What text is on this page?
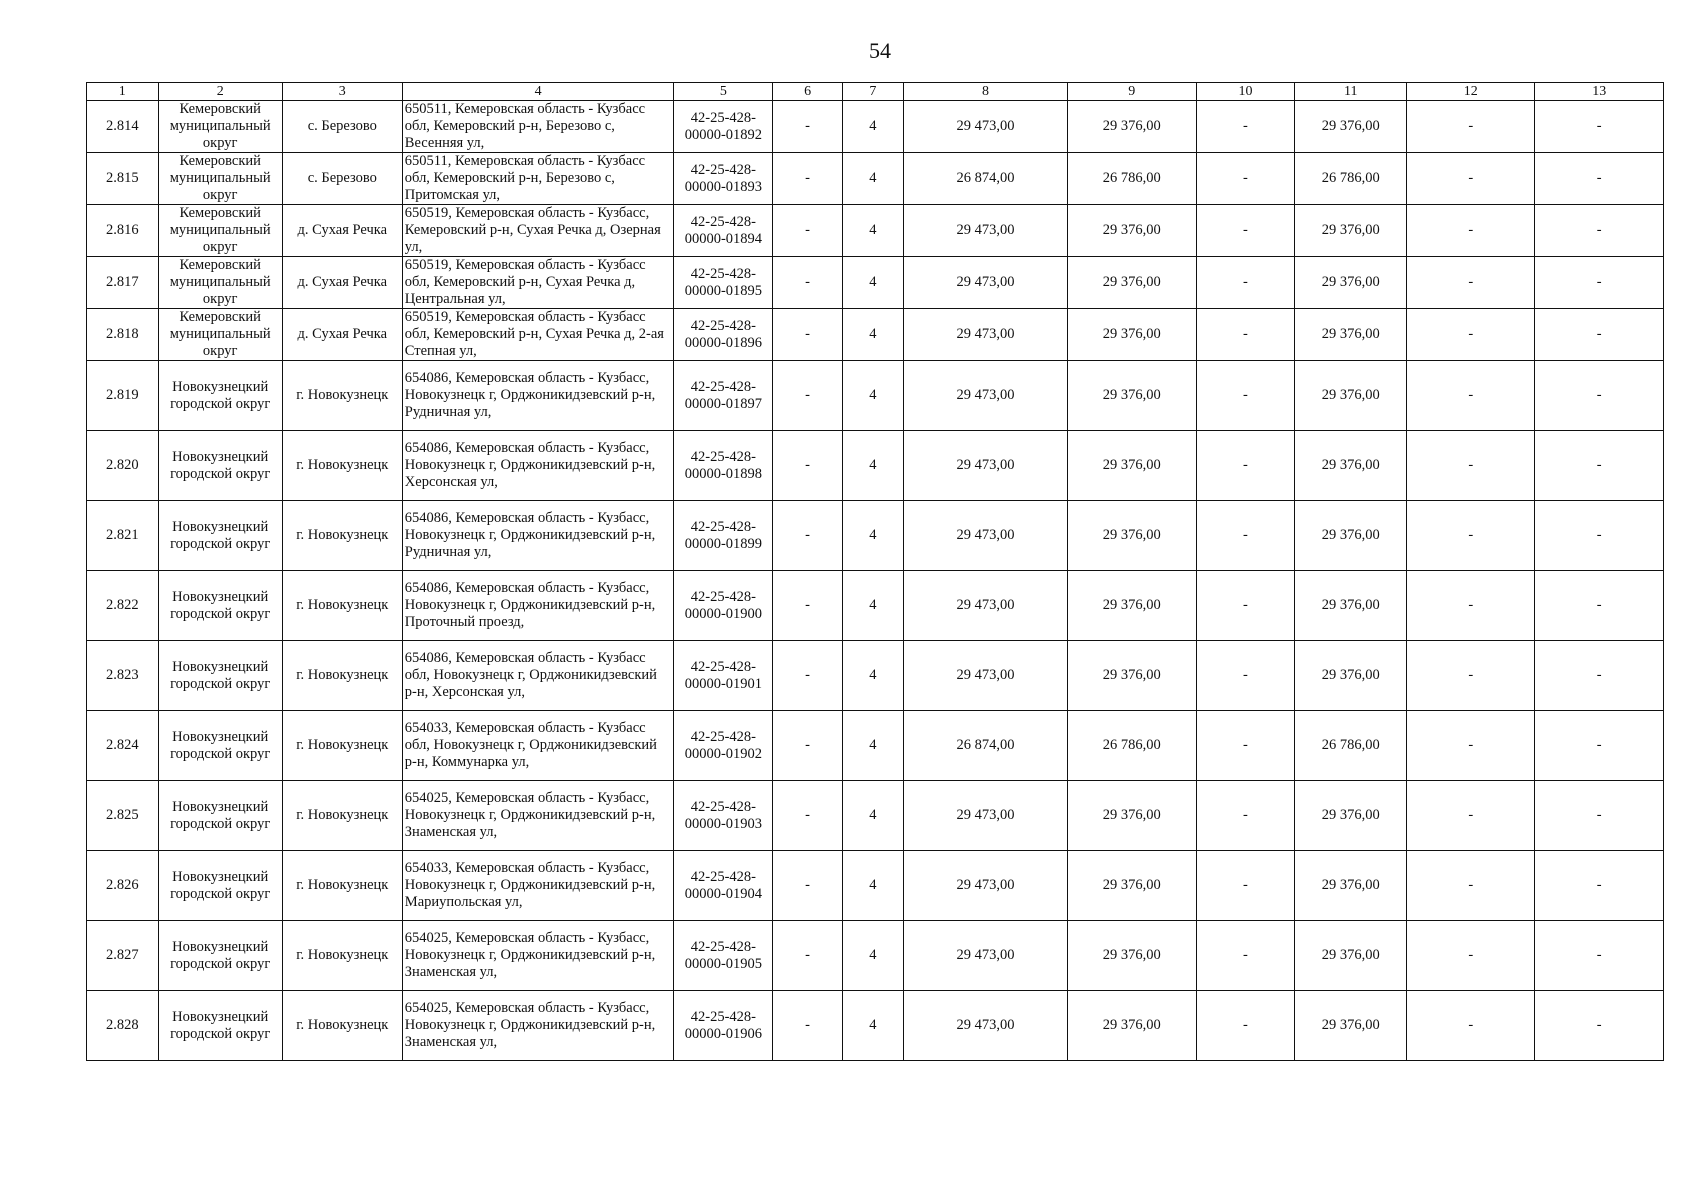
54
1	2	3	4	5	6	7	8	9	10	11	12	13
2.814	Кемеровский муниципальный округ	с. Березово	650511, Кемеровская область - Кузбасс обл, Кемеровский р-н, Березово с, Весенняя ул,	42-25-428-00000-01892	-	4	29 473,00	29 376,00	-	29 376,00	-	-
2.815	Кемеровский муниципальный округ	с. Березово	650511, Кемеровская область - Кузбасс обл, Кемеровский р-н, Березово с, Притомская ул,	42-25-428-00000-01893	-	4	26 874,00	26 786,00	-	26 786,00	-	-
2.816	Кемеровский муниципальный округ	д. Сухая Речка	650519, Кемеровская область - Кузбасс, Кемеровский р-н, Сухая Речка д, Озерная ул,	42-25-428-00000-01894	-	4	29 473,00	29 376,00	-	29 376,00	-	-
2.817	Кемеровский муниципальный округ	д. Сухая Речка	650519, Кемеровская область - Кузбасс обл, Кемеровский р-н, Сухая Речка д, Центральная ул,	42-25-428-00000-01895	-	4	29 473,00	29 376,00	-	29 376,00	-	-
2.818	Кемеровский муниципальный округ	д. Сухая Речка	650519, Кемеровская область - Кузбасс обл, Кемеровский р-н, Сухая Речка д, 2-ая Степная ул,	42-25-428-00000-01896	-	4	29 473,00	29 376,00	-	29 376,00	-	-
2.819	Новокузнецкий городской округ	г. Новокузнецк	654086, Кемеровская область - Кузбасс, Новокузнецк г, Орджоникидзевский р-н, Рудничная ул,	42-25-428-00000-01897	-	4	29 473,00	29 376,00	-	29 376,00	-	-
2.820	Новокузнецкий городской округ	г. Новокузнецк	654086, Кемеровская область - Кузбасс, Новокузнецк г, Орджоникидзевский р-н, Херсонская ул,	42-25-428-00000-01898	-	4	29 473,00	29 376,00	-	29 376,00	-	-
2.821	Новокузнецкий городской округ	г. Новокузнецк	654086, Кемеровская область - Кузбасс, Новокузнецк г, Орджоникидзевский р-н, Рудничная ул,	42-25-428-00000-01899	-	4	29 473,00	29 376,00	-	29 376,00	-	-
2.822	Новокузнецкий городской округ	г. Новокузнецк	654086, Кемеровская область - Кузбасс, Новокузнецк г, Орджоникидзевский р-н, Проточный проезд,	42-25-428-00000-01900	-	4	29 473,00	29 376,00	-	29 376,00	-	-
2.823	Новокузнецкий городской округ	г. Новокузнецк	654086, Кемеровская область - Кузбасс обл, Новокузнецк г, Орджоникидзевский р-н, Херсонская ул,	42-25-428-00000-01901	-	4	29 473,00	29 376,00	-	29 376,00	-	-
2.824	Новокузнецкий городской округ	г. Новокузнецк	654033, Кемеровская область - Кузбасс обл, Новокузнецк г, Орджоникидзевский р-н, Коммунарка ул,	42-25-428-00000-01902	-	4	26 874,00	26 786,00	-	26 786,00	-	-
2.825	Новокузнецкий городской округ	г. Новокузнецк	654025, Кемеровская область - Кузбасс, Новокузнецк г, Орджоникидзевский р-н, Знаменская ул,	42-25-428-00000-01903	-	4	29 473,00	29 376,00	-	29 376,00	-	-
2.826	Новокузнецкий городской округ	г. Новокузнецк	654033, Кемеровская область - Кузбасс, Новокузнецк г, Орджоникидзевский р-н, Мариупольская ул,	42-25-428-00000-01904	-	4	29 473,00	29 376,00	-	29 376,00	-	-
2.827	Новокузнецкий городской округ	г. Новокузнецк	654025, Кемеровская область - Кузбасс, Новокузнецк г, Орджоникидзевский р-н, Знаменская ул,	42-25-428-00000-01905	-	4	29 473,00	29 376,00	-	29 376,00	-	-
2.828	Новокузнецкий городской округ	г. Новокузнецк	654025, Кемеровская область - Кузбасс, Новокузнецк г, Орджоникидзевский р-н, Знаменская ул,	42-25-428-00000-01906	-	4	29 473,00	29 376,00	-	29 376,00	-	-
